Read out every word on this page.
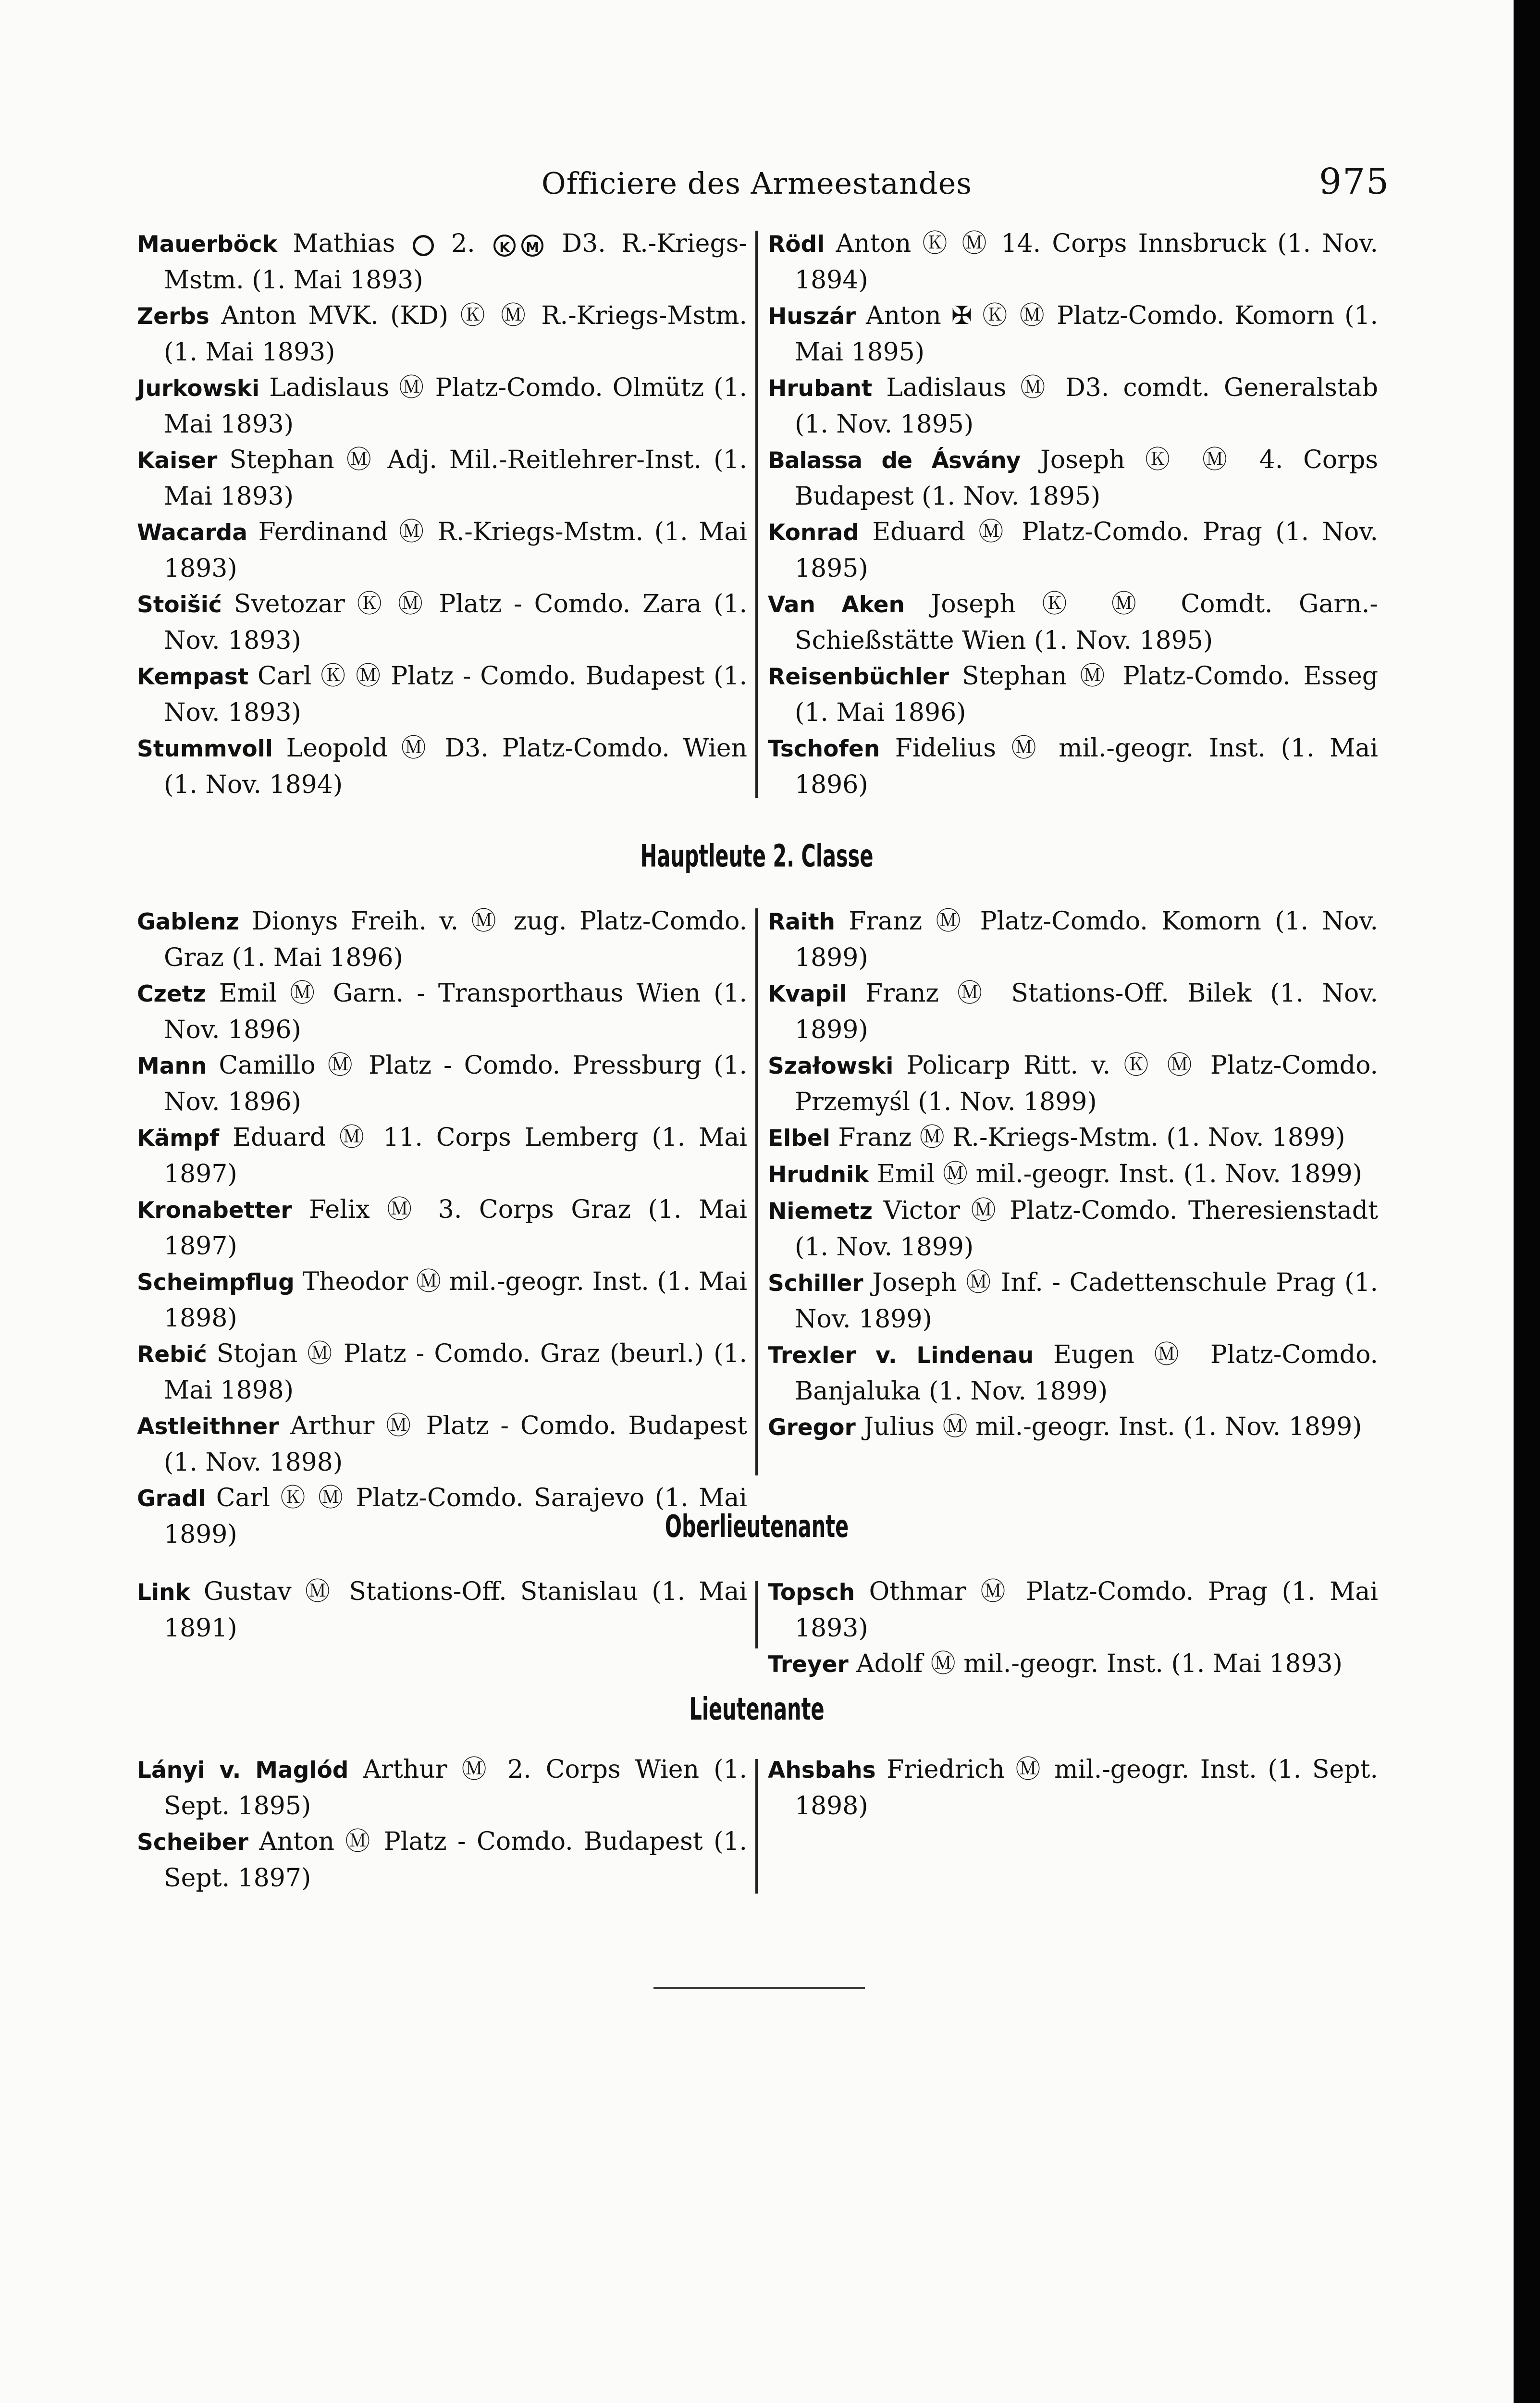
Officiere des Armeestandes	975

Mauerböck Mathias  2. K M D3. R.-Kriegs-Mstm. (1. Mai 1893)

Zerbs Anton MVK. (KD) Ⓚ Ⓜ R.-Kriegs-Mstm. (1. Mai 1893)

Jurkowski Ladislaus Ⓜ Platz-Comdo. Olmütz (1. Mai 1893)

Kaiser Stephan Ⓜ Adj. Mil.-Reitlehrer-Inst. (1. Mai 1893)

Wacarda Ferdinand Ⓜ R.-Kriegs-Mstm. (1. Mai 1893)

Stoišić Svetozar Ⓚ Ⓜ Platz - Comdo. Zara (1. Nov. 1893)

Kempast Carl Ⓚ Ⓜ Platz - Comdo. Budapest (1. Nov. 1893)

Stummvoll Leopold Ⓜ D3. Platz-Comdo. Wien (1. Nov. 1894)

Rödl Anton Ⓚ Ⓜ 14. Corps Innsbruck (1. Nov. 1894)

Huszár Anton ✠ Ⓚ Ⓜ Platz-Comdo. Komorn (1. Mai 1895)

Hrubant Ladislaus Ⓜ D3. comdt. Generalstab (1. Nov. 1895)

Balassa de Ásvány Joseph Ⓚ Ⓜ 4. Corps Budapest (1. Nov. 1895)

Konrad Eduard Ⓜ Platz-Comdo. Prag (1. Nov. 1895)

Van Aken Joseph Ⓚ Ⓜ Comdt. Garn.-Schießstätte Wien (1. Nov. 1895)

Reisenbüchler Stephan Ⓜ Platz-Comdo. Esseg (1. Mai 1896)

Tschofen Fidelius Ⓜ mil.-geogr. Inst. (1. Mai 1896)

Hauptleute 2. Classe

Gablenz Dionys Freih. v. Ⓜ zug. Platz-Comdo. Graz (1. Mai 1896)

Czetz Emil Ⓜ Garn. - Transporthaus Wien (1. Nov. 1896)

Mann Camillo Ⓜ Platz - Comdo. Pressburg (1. Nov. 1896)

Kämpf Eduard Ⓜ 11. Corps Lemberg (1. Mai 1897)

Kronabetter Felix Ⓜ 3. Corps Graz (1. Mai 1897)

Scheimpflug Theodor Ⓜ mil.-geogr. Inst. (1. Mai 1898)

Rebić Stojan Ⓜ Platz - Comdo. Graz (beurl.) (1. Mai 1898)

Astleithner Arthur Ⓜ Platz - Comdo. Budapest (1. Nov. 1898)

Gradl Carl Ⓚ Ⓜ Platz-Comdo. Sarajevo (1. Mai 1899)

Raith Franz Ⓜ Platz-Comdo. Komorn (1. Nov. 1899)

Kvapil Franz Ⓜ Stations-Off. Bilek (1. Nov. 1899)

Szałowski Policarp Ritt. v. Ⓚ Ⓜ Platz-Comdo. Przemyśl (1. Nov. 1899)

Elbel Franz Ⓜ R.-Kriegs-Mstm. (1. Nov. 1899)

Hrudnik Emil Ⓜ mil.-geogr. Inst. (1. Nov. 1899)

Niemetz Victor Ⓜ Platz-Comdo. Theresienstadt (1. Nov. 1899)

Schiller Joseph Ⓜ Inf. - Cadettenschule Prag (1. Nov. 1899)

Trexler v. Lindenau Eugen Ⓜ Platz-Comdo. Banjaluka (1. Nov. 1899)

Gregor Julius Ⓜ mil.-geogr. Inst. (1. Nov. 1899)

Oberlieutenante

Link Gustav Ⓜ Stations-Off. Stanislau (1. Mai 1891)

Topsch Othmar Ⓜ Platz-Comdo. Prag (1. Mai 1893)

Treyer Adolf Ⓜ mil.-geogr. Inst. (1. Mai 1893)

Lieutenante

Lányi v. Maglód Arthur Ⓜ 2. Corps Wien (1. Sept. 1895)

Scheiber Anton Ⓜ Platz - Comdo. Budapest (1. Sept. 1897)

Ahsbahs Friedrich Ⓜ mil.-geogr. Inst. (1. Sept. 1898)
